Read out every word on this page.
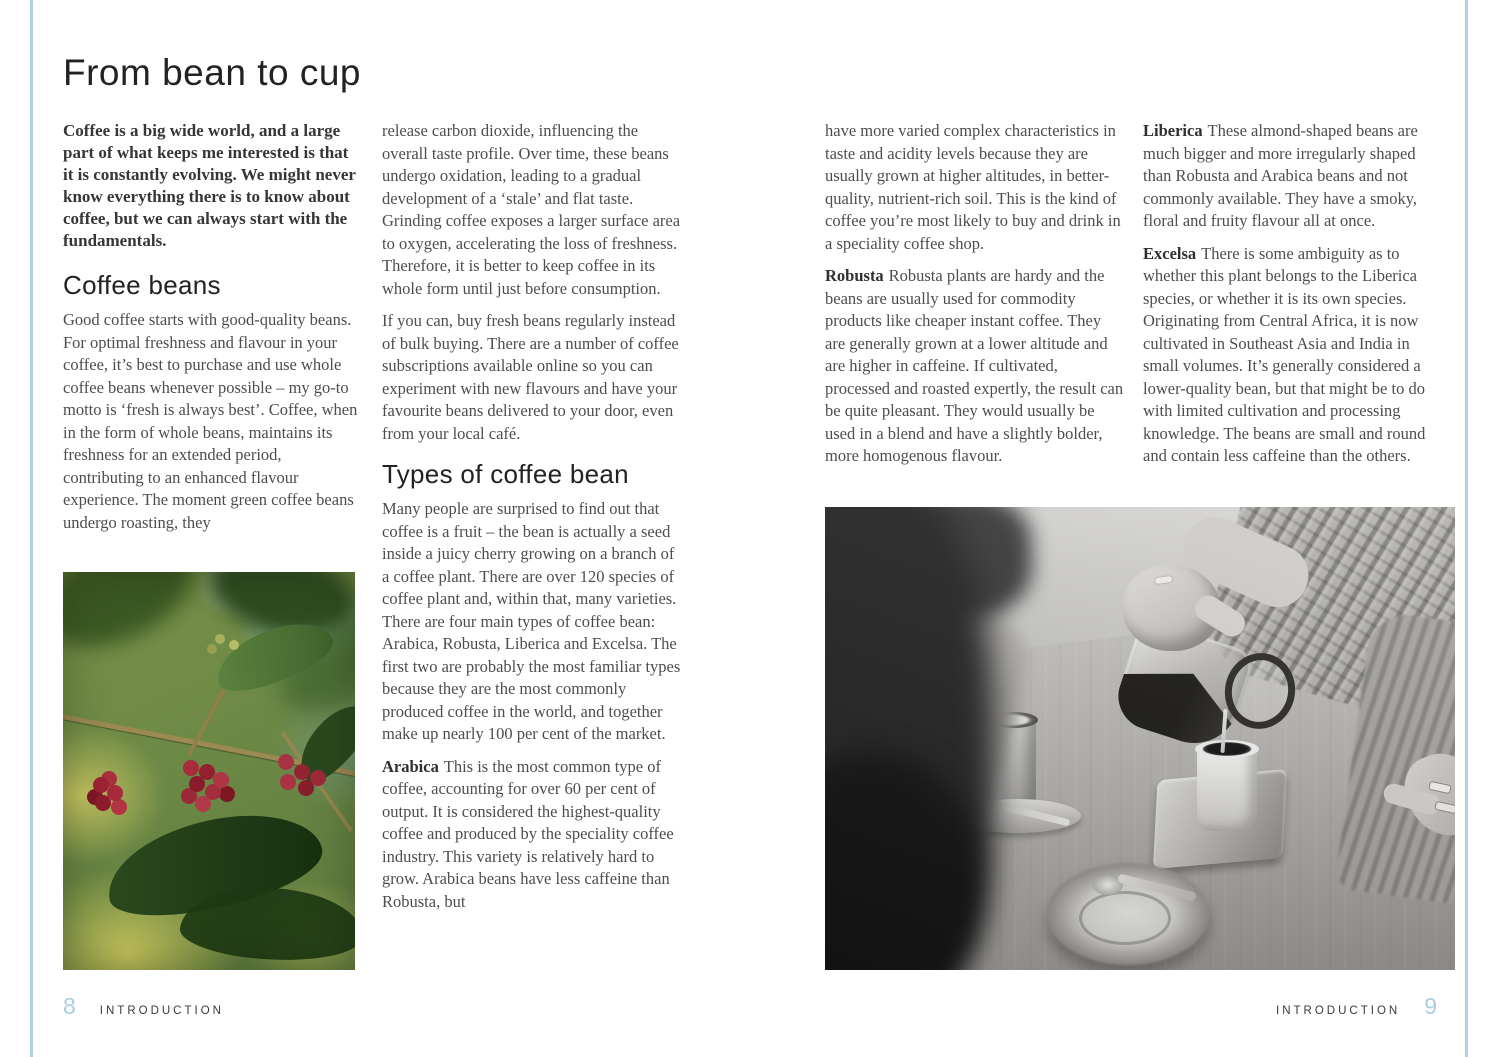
From bean to cup

Coffee is a big wide world, and a large part of what keeps me interested is that it is constantly evolving. We might never know everything there is to know about coffee, but we can always start with the fundamentals.

Coffee beans

Good coffee starts with good-quality beans. For optimal freshness and flavour in your coffee, it’s best to purchase and use whole coffee beans whenever possible – my go-to motto is ‘fresh is always best’. Coffee, when in the form of whole beans, maintains its freshness for an extended period, contributing to an enhanced flavour experience. The moment green coffee beans undergo roasting, they

release carbon dioxide, influencing the overall taste profile. Over time, these beans undergo oxidation, leading to a gradual development of a ‘stale’ and flat taste. Grinding coffee exposes a larger surface area to oxygen, accelerating the loss of freshness. Therefore, it is better to keep coffee in its whole form until just before consumption.

If you can, buy fresh beans regularly instead of bulk buying. There are a number of coffee subscriptions available online so you can experiment with new flavours and have your favourite beans delivered to your door, even from your local café.

Types of coffee bean

Many people are surprised to find out that coffee is a fruit – the bean is actually a seed inside a juicy cherry growing on a branch of a coffee plant. There are over 120 species of coffee plant and, within that, many varieties. There are four main types of coffee bean: Arabica, Robusta, Liberica and Excelsa. The first two are probably the most familiar types because they are the most commonly produced coffee in the world, and together make up nearly 100 per cent of the market.

Arabica This is the most common type of coffee, accounting for over 60 per cent of output. It is considered the highest-quality coffee and produced by the speciality coffee industry. This variety is relatively hard to grow. Arabica beans have less caffeine than Robusta, but

have more varied complex characteristics in taste and acidity levels because they are usually grown at higher altitudes, in better-quality, nutrient-rich soil. This is the kind of coffee you’re most likely to buy and drink in a speciality coffee shop.

Robusta Robusta plants are hardy and the beans are usually used for commodity products like cheaper instant coffee. They are generally grown at a lower altitude and are higher in caffeine. If cultivated, processed and roasted expertly, the result can be quite pleasant. They would usually be used in a blend and have a slightly bolder, more homogenous flavour.

Liberica These almond-shaped beans are much bigger and more irregularly shaped than Robusta and Arabica beans and not commonly available. They have a smoky, floral and fruity flavour all at once.

Excelsa There is some ambiguity as to whether this plant belongs to the Liberica species, or whether it is its own species. Originating from Central Africa, it is now cultivated in Southeast Asia and India in small volumes. It’s generally considered a lower-quality bean, but that might be to do with limited cultivation and processing knowledge. The beans are small and round and contain less caffeine than the others.

8 INTRODUCTION	INTRODUCTION 9
